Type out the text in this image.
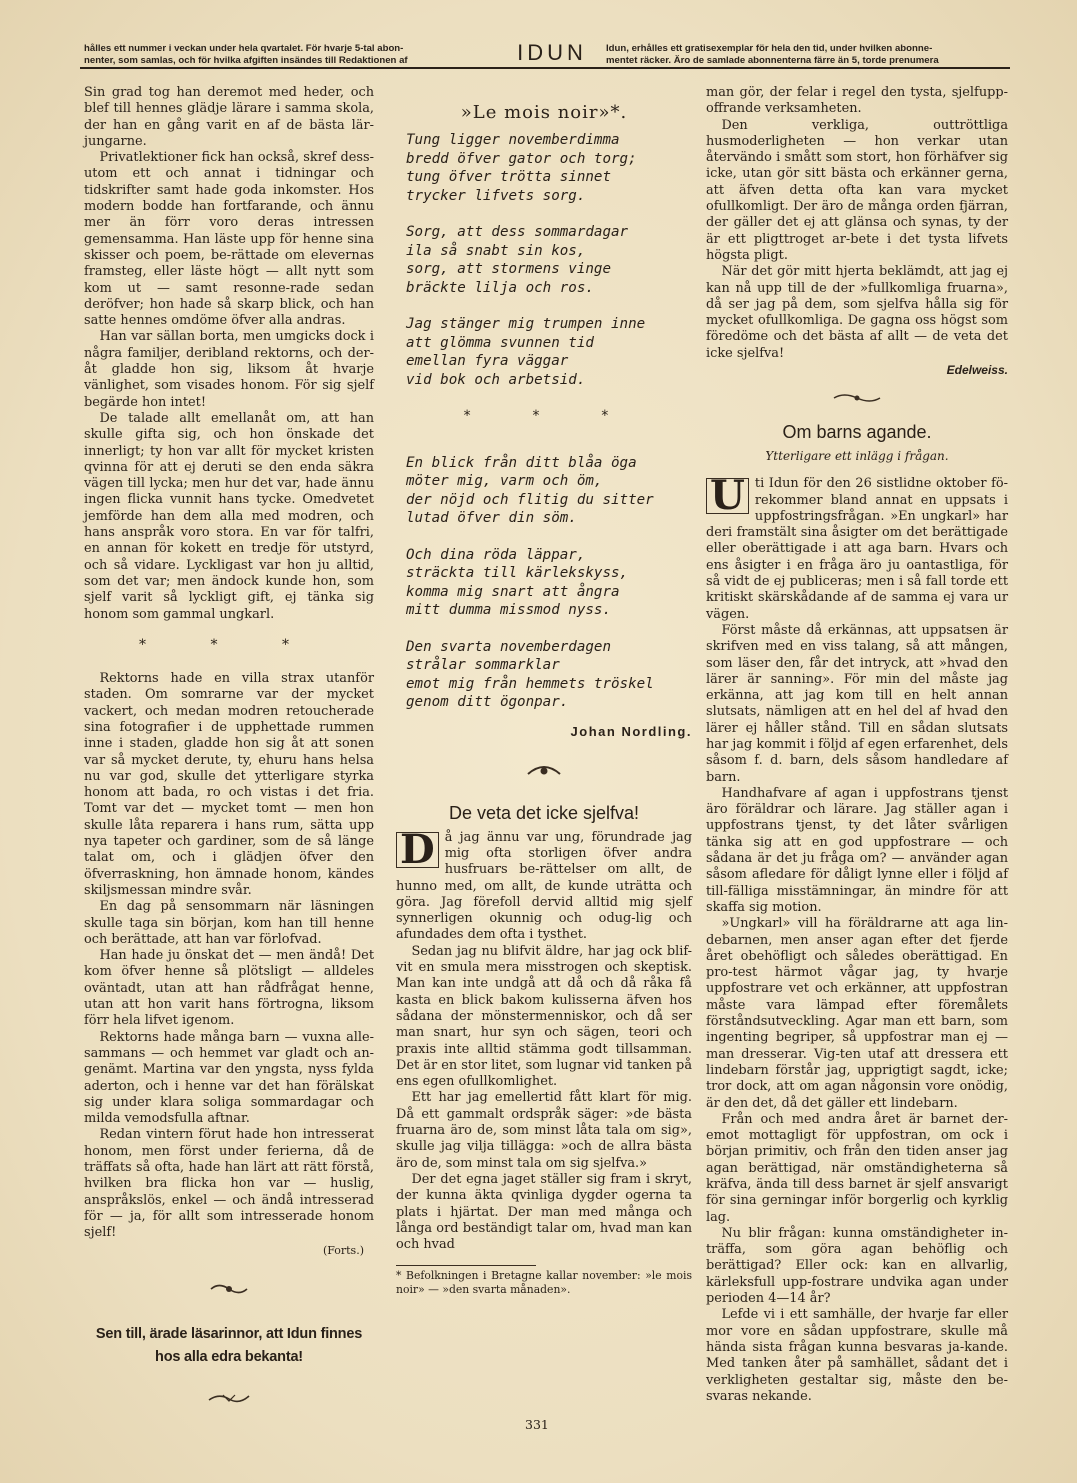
hålles ett nummer i veckan under hela qvartalet. För hvarje 5-tal abon-
nenter, som samlas, och för hvilka afgiften insändes till Redaktionen af	IDUN	Idun, erhålles ett gratisexemplar för hela den tid, under hvilken abonne-
mentet räcker. Äro de samlade abonnenterna färre än 5, torde prenumera

Sin grad tog han deremot med heder, och blef till hennes glädje lärare i samma skola, der han en gång varit en af de bästa lär-jungarne.

Privatlektioner fick han också, skref dess-utom ett och annat i tidningar och tidskrifter samt hade goda inkomster. Hos modern bodde han fortfarande, och ännu mer än förr voro deras intressen gemensamma. Han läste upp för henne sina skisser och poem, be-rättade om elevernas framsteg, eller läste högt — allt nytt som kom ut — samt resonne-rade sedan deröfver; hon hade så skarp blick, och han satte hennes omdöme öfver alla andras.

Han var sällan borta, men umgicks dock i några familjer, deribland rektorns, och der-åt gladde hon sig, liksom åt hvarje vänlighet, som visades honom. För sig sjelf begärde hon intet!

De talade allt emellanåt om, att han skulle gifta sig, och hon önskade det innerligt; ty hon var allt för mycket kristen qvinna för att ej deruti se den enda säkra vägen till lycka; men hur det var, hade ännu ingen flicka vunnit hans tycke. Omedvetet jemförde han dem alla med modren, och hans anspråk voro stora. En var för talfri, en annan för kokett en tredje för utstyrd, och så vidare. Lyckligast var hon ju alltid, som det var; men ändock kunde hon, som sjelf varit så lyckligt gift, ej tänka sig honom som gammal ungkarl.

* * *

Rektorns hade en villa strax utanför staden. Om somrarne var der mycket vackert, och medan modren retoucherade sina fotografier i de upphettade rummen inne i staden, gladde hon sig åt att sonen var så mycket derute, ty, ehuru hans helsa nu var god, skulle det ytterligare styrka honom att bada, ro och vistas i det fria. Tomt var det — mycket tomt — men hon skulle låta reparera i hans rum, sätta upp nya tapeter och gardiner, som de så länge talat om, och i glädjen öfver den öfverraskning, hon ämnade honom, kändes skiljsmessan mindre svår.

En dag på sensommarn när läsningen skulle taga sin början, kom han till henne och berättade, att han var förlofvad.

Han hade ju önskat det — men ändå! Det kom öfver henne så plötsligt — alldeles oväntadt, utan att han rådfrågat henne, utan att hon varit hans förtrogna, liksom förr hela lifvet igenom.

Rektorns hade många barn — vuxna alle-sammans — och hemmet var gladt och an-genämt. Martina var den yngsta, nyss fylda aderton, och i henne var det han förälskat sig under klara soliga sommardagar och milda vemodsfulla aftnar.

Redan vintern förut hade hon intresserat honom, men först under ferierna, då de träffats så ofta, hade han lärt att rätt förstå, hvilken bra flicka hon var — huslig, anspråkslös, enkel — och ändå intresserad för — ja, för allt som intresserade honom sjelf!

(Forts.)
Sen till, ärade läsarinnor, att Idun finnes hos alla edra bekanta!
»Le mois noir»*.
Tung ligger novemberdimma
bredd öfver gator och torg;
tung öfver trötta sinnet
trycker lifvets sorg.
Sorg, att dess sommardagar
ila så snabt sin kos,
sorg, att stormens vinge
bräckte lilja och ros.
Jag stänger mig trumpen inne
att glömma svunnen tid
emellan fyra väggar
vid bok och arbetsid.
* * *
En blick från ditt blåa öga
möter mig, varm och öm,
der nöjd och flitig du sitter
lutad öfver din söm.
Och dina röda läppar,
sträckta till kärlekskyss,
komma mig snart att ångra
mitt dumma missmod nyss.
Den svarta novemberdagen
strålar sommarklar
emot mig från hemmets tröskel
genom ditt ögonpar.
Johan Nordling.
De veta det icke sjelfva!

D å jag ännu var ung, förundrade jag mig ofta storligen öfver andra husfruars be-rättelser om allt, de hunno med, om allt, de kunde uträtta och göra. Jag förefoll dervid alltid mig sjelf synnerligen okunnig och odug-lig och afundades dem ofta i tysthet.

Sedan jag nu blifvit äldre, har jag ock blif-vit en smula mera misstrogen och skeptisk. Man kan inte undgå att då och då råka få kasta en blick bakom kulisserna äfven hos sådana der mönstermenniskor, och då ser man snart, hur syn och sägen, teori och praxis inte alltid stämma godt tillsamman. Det är en stor litet, som lugnar vid tanken på ens egen ofullkomlighet.

Ett har jag emellertid fått klart för mig. Då ett gammalt ordspråk säger: »de bästa fruarna äro de, som minst låta tala om sig», skulle jag vilja tillägga: »och de allra bästa äro de, som minst tala om sig sjelfva.»

Der det egna jaget ställer sig fram i skryt, der kunna äkta qvinliga dygder ogerna ta plats i hjärtat. Der man med många och långa ord beständigt talar om, hvad man kan och hvad

* Befolkningen i Bretagne kallar november: »le mois noir» — »den svarta månaden».

man gör, der felar i regel den tysta, sjelfupp-offrande verksamheten.

Den verkliga, outtröttliga husmoderligheten — hon verkar utan återvändo i smått som stort, hon förhäfver sig icke, utan gör sitt bästa och erkänner gerna, att äfven detta ofta kan vara mycket ofullkomligt. Der äro de många orden fjärran, der gäller det ej att glänsa och synas, ty der är ett pligttroget ar-bete i det tysta lifvets högsta pligt.

När det gör mitt hjerta beklämdt, att jag ej kan nå upp till de der »fullkomliga fruarna», då ser jag på dem, som sjelfva hålla sig för mycket ofullkomliga. De gagna oss högst som föredöme och det bästa af allt — de veta det icke sjelfva!

Edelweiss.
Om barns agande.
Ytterligare ett inlägg i frågan.

U ti Idun för den 26 sistlidne oktober fö-rekommer bland annat en uppsats i uppfostringsfrågan. »En ungkarl» har deri framstält sina åsigter om det berättigade eller oberättigade i att aga barn. Hvars och ens åsigter i en fråga äro ju oantastliga, för så vidt de ej publiceras; men i så fall torde ett kritiskt skärskådande af de samma ej vara ur vägen.

Först måste då erkännas, att uppsatsen är skrifven med en viss talang, så att mången, som läser den, får det intryck, att »hvad den lärer är sanning». För min del måste jag erkänna, att jag kom till en helt annan slutsats, nämligen att en hel del af hvad den lärer ej håller stånd. Till en sådan slutsats har jag kommit i följd af egen erfarenhet, dels såsom f. d. barn, dels såsom handledare af barn.

Handhafvare af agan i uppfostrans tjenst äro föräldrar och lärare. Jag ställer agan i uppfostrans tjenst, ty det låter svårligen tänka sig att en god uppfostrare — och sådana är det ju fråga om? — använder agan såsom afledare för dåligt lynne eller i följd af till-fälliga misstämningar, än mindre för att skaffa sig motion.

»Ungkarl» vill ha föräldrarne att aga lin-debarnen, men anser agan efter det fjerde året obehöfligt och således oberättigad. En pro-test härmot vågar jag, ty hvarje uppfostrare vet och erkänner, att uppfostran måste vara lämpad efter föremålets förståndsutveckling. Agar man ett barn, som ingenting begriper, så uppfostrar man ej — man dresserar. Vig-ten utaf att dressera ett lindebarn förstår jag, upprigtigt sagdt, icke; tror dock, att om agan någonsin vore onödig, är den det, då det gäller ett lindebarn.

Från och med andra året är barnet der-emot mottagligt för uppfostran, om ock i början primitiv, och från den tiden anser jag agan berättigad, när omständigheterna så kräfva, ända till dess barnet är sjelf ansvarigt för sina gerningar inför borgerlig och kyrklig lag.

Nu blir frågan: kunna omständigheter in-träffa, som göra agan behöflig och berättigad? Eller ock: kan en allvarlig, kärleksfull upp-fostrare undvika agan under perioden 4—14 år?

Lefde vi i ett samhälle, der hvarje far eller mor vore en sådan uppfostrare, skulle må hända sista frågan kunna besvaras ja-kande. Med tanken åter på samhället, sådant det i verkligheten gestaltar sig, måste den be-svaras nekande.

331
